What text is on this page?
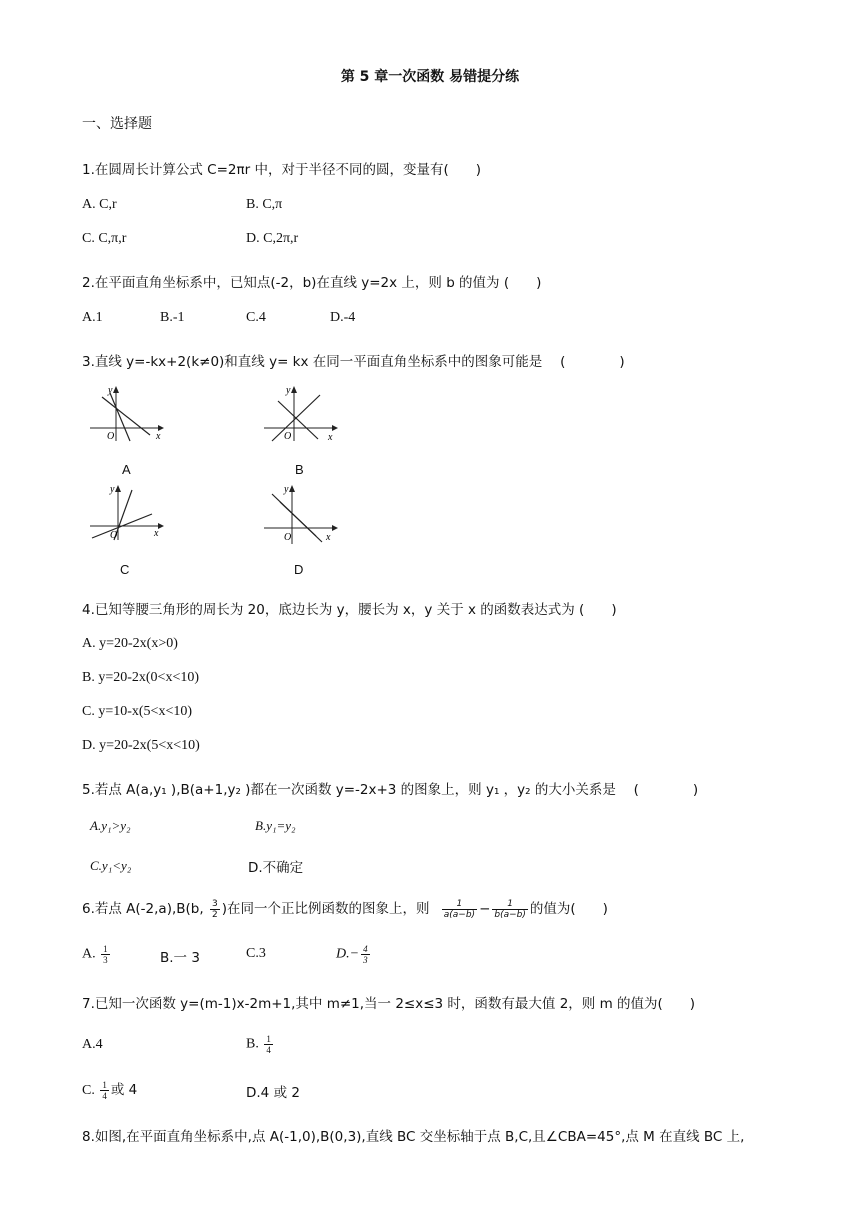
第 5 章一次函数 易错提分练
一、选择题
1.在圆周长计算公式 C=2πr 中，对于半径不同的圆，变量有(　　)
A. C,r	B. C,π
C. C,π,r	D. C,2π,r
2.在平面直角坐标系中，已知点(-2，b)在直线 y=2x 上，则 b 的值为 (　　)
A.1	B.-1	C.4	D.-4
3.直线 y=-kx+2(k≠0)和直线 y= kx 在同一平面直角坐标系中的图象可能是　 (　　　　)
y
x
O
A
y
x
O
B
y
x
O
C
y
x
O
D
4.已知等腰三角形的周长为 20，底边长为 y，腰长为 x，y 关于 x 的函数表达式为 (　　)
A. y=20-2x(x>0)
B. y=20-2x(0<x<10)
C. y=10-x(5<x<10)
D. y=20-2x(5<x<10)
5.若点 A(a,y₁ ),B(a+1,y₂ )都在一次函数 y=-2x+3 的图象上，则 y₁ ，y₂ 的大小关系是　 (　　　　)
A.y₁>y₂	B.y₁=y₂
C.y₁<y₂	D.不确定
6.若点 A(-2,a),B(b, $\frac{3}{2}$ )在同一个正比例函数的图象上，则 $\frac{1}{a(a-b)} - \frac{1}{b(a-b)}$ 的值为(　　)
A. $\frac{1}{3}$	B.一 3	C.3	$D.- \frac{4}{3}$
7.已知一次函数 y=(m-1)x-2m+1,其中 m≠1,当一 2≤x≤3 时，函数有最大值 2，则 m 的值为(　　)
A.4	B. $\frac{1}{4}$
C. $\frac{1}{4}$ 或 4	D.4 或 2
8.如图,在平面直角坐标系中,点 A(-1,0),B(0,3),直线 BC 交坐标轴于点 B,C,且∠CBA=45°,点 M 在直线 BC 上,
